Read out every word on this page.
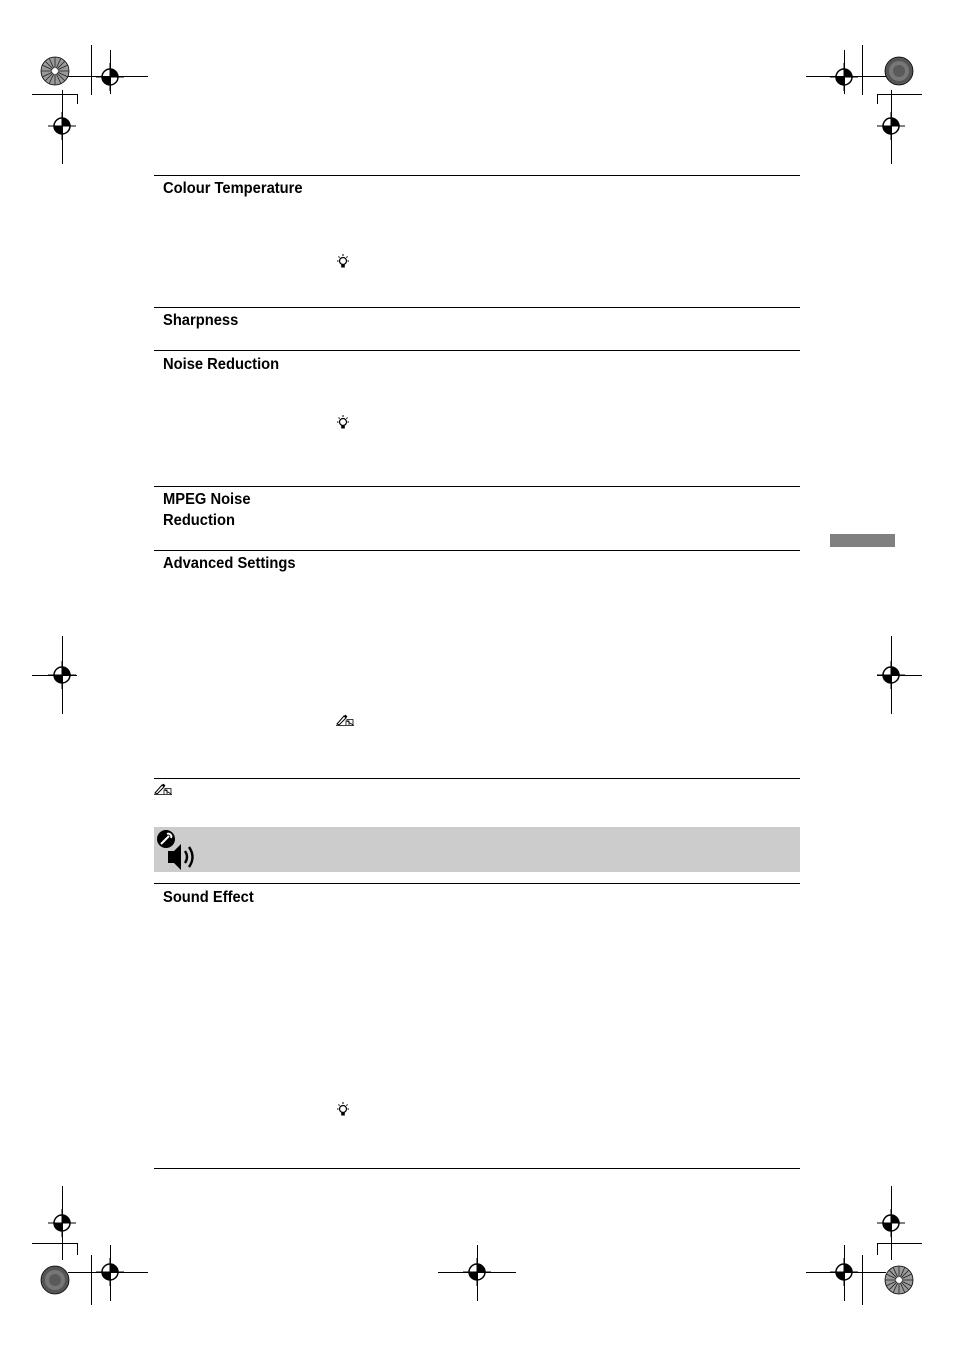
Colour Temperature
Sharpness
Noise Reduction
MPEG Noise
Reduction
Advanced Settings
Sound Effect
